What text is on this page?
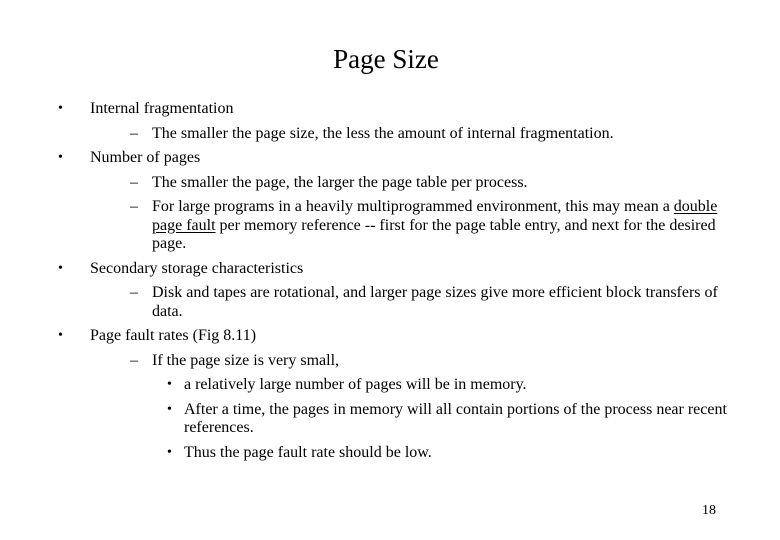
Page Size
• Internal fragmentation
– The smaller the page size, the less the amount of internal fragmentation.
• Number of pages
– The smaller the page, the larger the page table per process.
– For large programs in a heavily multiprogrammed environment, this may mean a double page fault per memory reference -- first for the page table entry, and next for the desired page.
• Secondary storage characteristics
– Disk and tapes are rotational, and larger page sizes give more efficient block transfers of data.
• Page fault rates (Fig 8.11)
– If the page size is very small,
• a relatively large number of pages will be in memory.
• After a time, the pages in memory will all contain portions of the process near recent references.
• Thus the page fault rate should be low.
18
